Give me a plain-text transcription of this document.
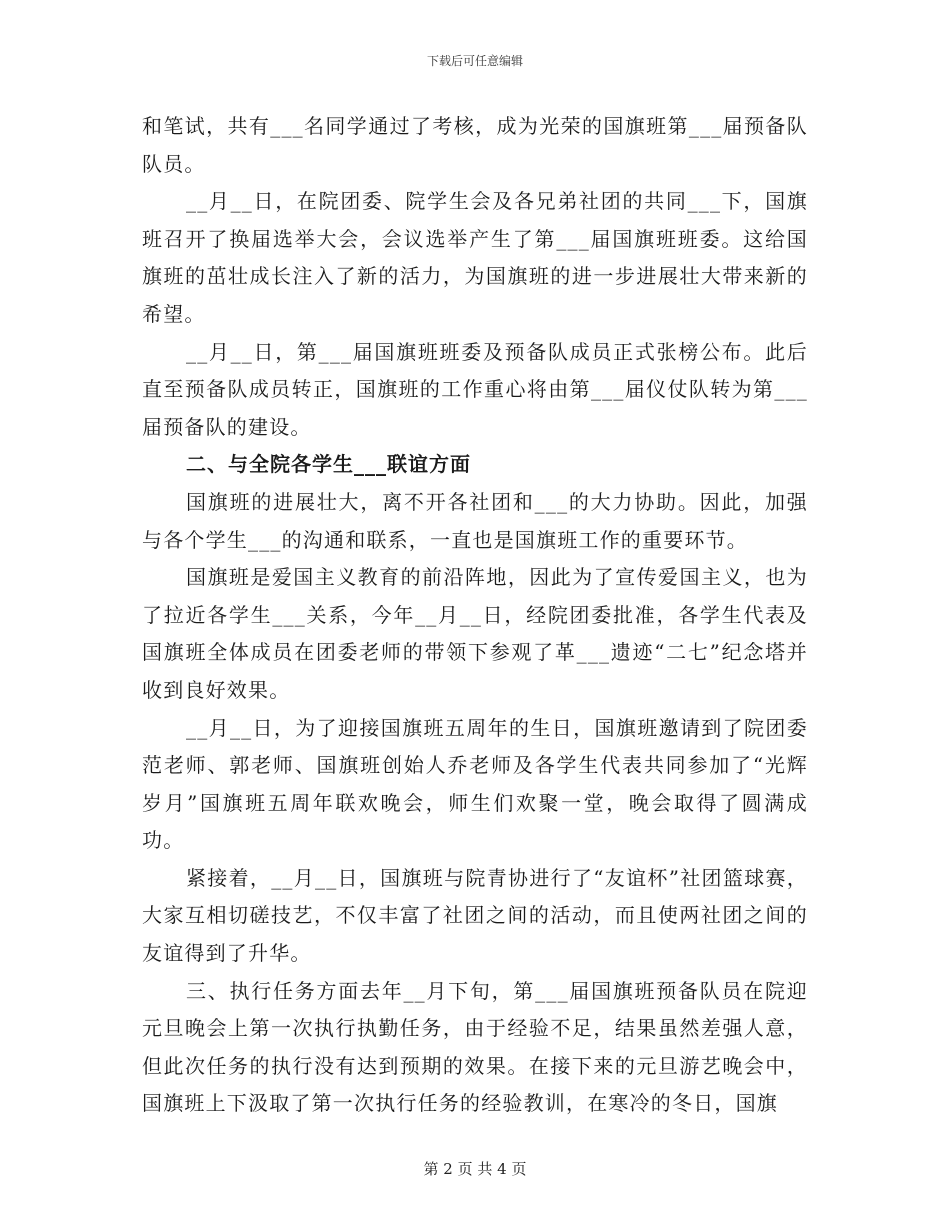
下载后可任意编辑

和笔试，共有___名同学通过了考核，成为光荣的国旗班第___届预备队队员。

__月__日，在院团委、院学生会及各兄弟社团的共同___下，国旗班召开了换届选举大会，会议选举产生了第___届国旗班班委。这给国旗班的茁壮成长注入了新的活力，为国旗班的进一步进展壮大带来新的希望。

__月__日，第___届国旗班班委及预备队成员正式张榜公布。此后直至预备队成员转正，国旗班的工作重心将由第___届仪仗队转为第___届预备队的建设。

二、与全院各学生___联谊方面

国旗班的进展壮大，离不开各社团和___的大力协助。因此，加强与各个学生___的沟通和联系，一直也是国旗班工作的重要环节。

国旗班是爱国主义教育的前沿阵地，因此为了宣传爱国主义，也为了拉近各学生___关系，今年__月__日，经院团委批准，各学生代表及国旗班全体成员在团委老师的带领下参观了革___遗迹“二七”纪念塔并收到良好效果。

__月__日，为了迎接国旗班五周年的生日，国旗班邀请到了院团委范老师、郭老师、国旗班创始人乔老师及各学生代表共同参加了“光辉岁月”国旗班五周年联欢晚会，师生们欢聚一堂，晚会取得了圆满成功。

紧接着，__月__日，国旗班与院青协进行了“友谊杯”社团篮球赛，大家互相切磋技艺，不仅丰富了社团之间的活动，而且使两社团之间的友谊得到了升华。

三、执行任务方面去年__月下旬，第___届国旗班预备队员在院迎元旦晚会上第一次执行执勤任务，由于经验不足，结果虽然差强人意，但此次任务的执行没有达到预期的效果。在接下来的元旦游艺晚会中，国旗班上下汲取了第一次执行任务的经验教训，在寒冷的冬日，国旗

第 2 页 共 4 页
